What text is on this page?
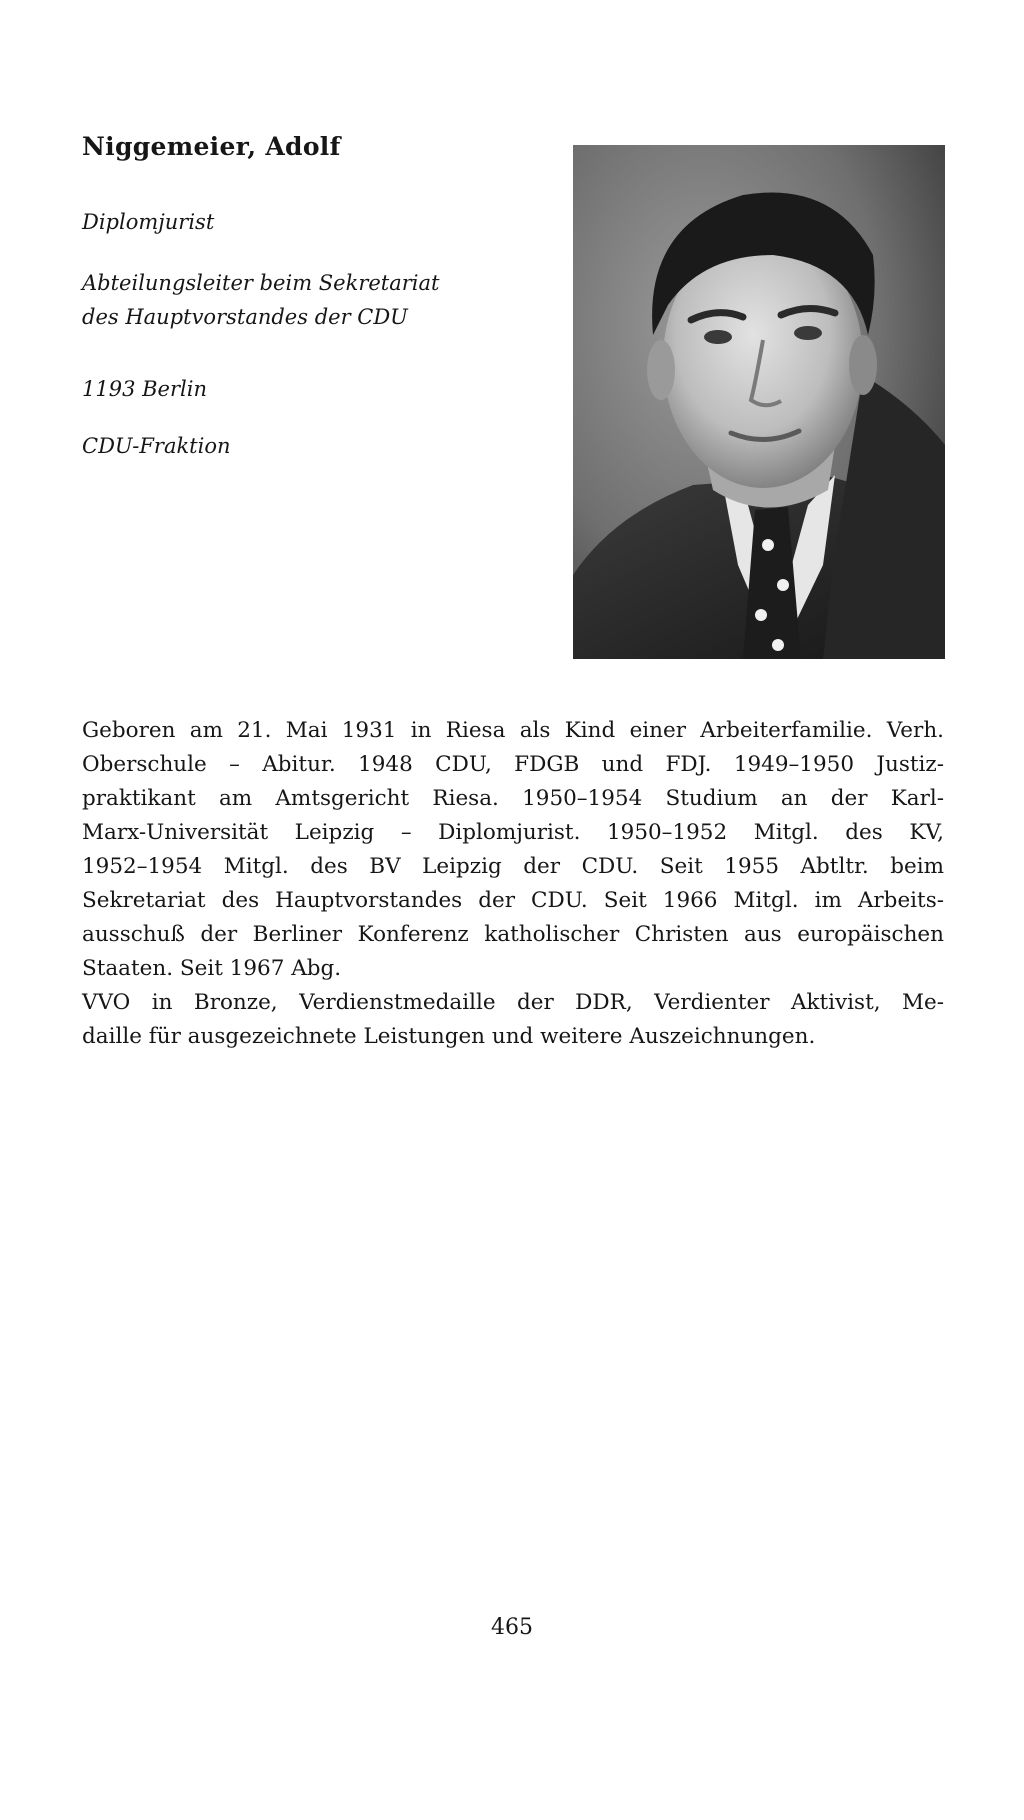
Niggemeier, Adolf
Diplomjurist
Abteilungsleiter beim Sekretariat
des Hauptvorstandes der CDU
1193 Berlin
CDU-Fraktion
Geboren am 21. Mai 1931 in Riesa als Kind einer Arbeiterfamilie. Verh.
Oberschule – Abitur. 1948 CDU, FDGB und FDJ. 1949–1950 Justiz-
praktikant am Amtsgericht Riesa. 1950–1954 Studium an der Karl-
Marx-Universität Leipzig – Diplomjurist. 1950–1952 Mitgl. des KV,
1952–1954 Mitgl. des BV Leipzig der CDU. Seit 1955 Abtltr. beim
Sekretariat des Hauptvorstandes der CDU. Seit 1966 Mitgl. im Arbeits-
ausschuß der Berliner Konferenz katholischer Christen aus europäischen
Staaten. Seit 1967 Abg.
VVO in Bronze, Verdienstmedaille der DDR, Verdienter Aktivist, Me-
daille für ausgezeichnete Leistungen und weitere Auszeichnungen.
465
